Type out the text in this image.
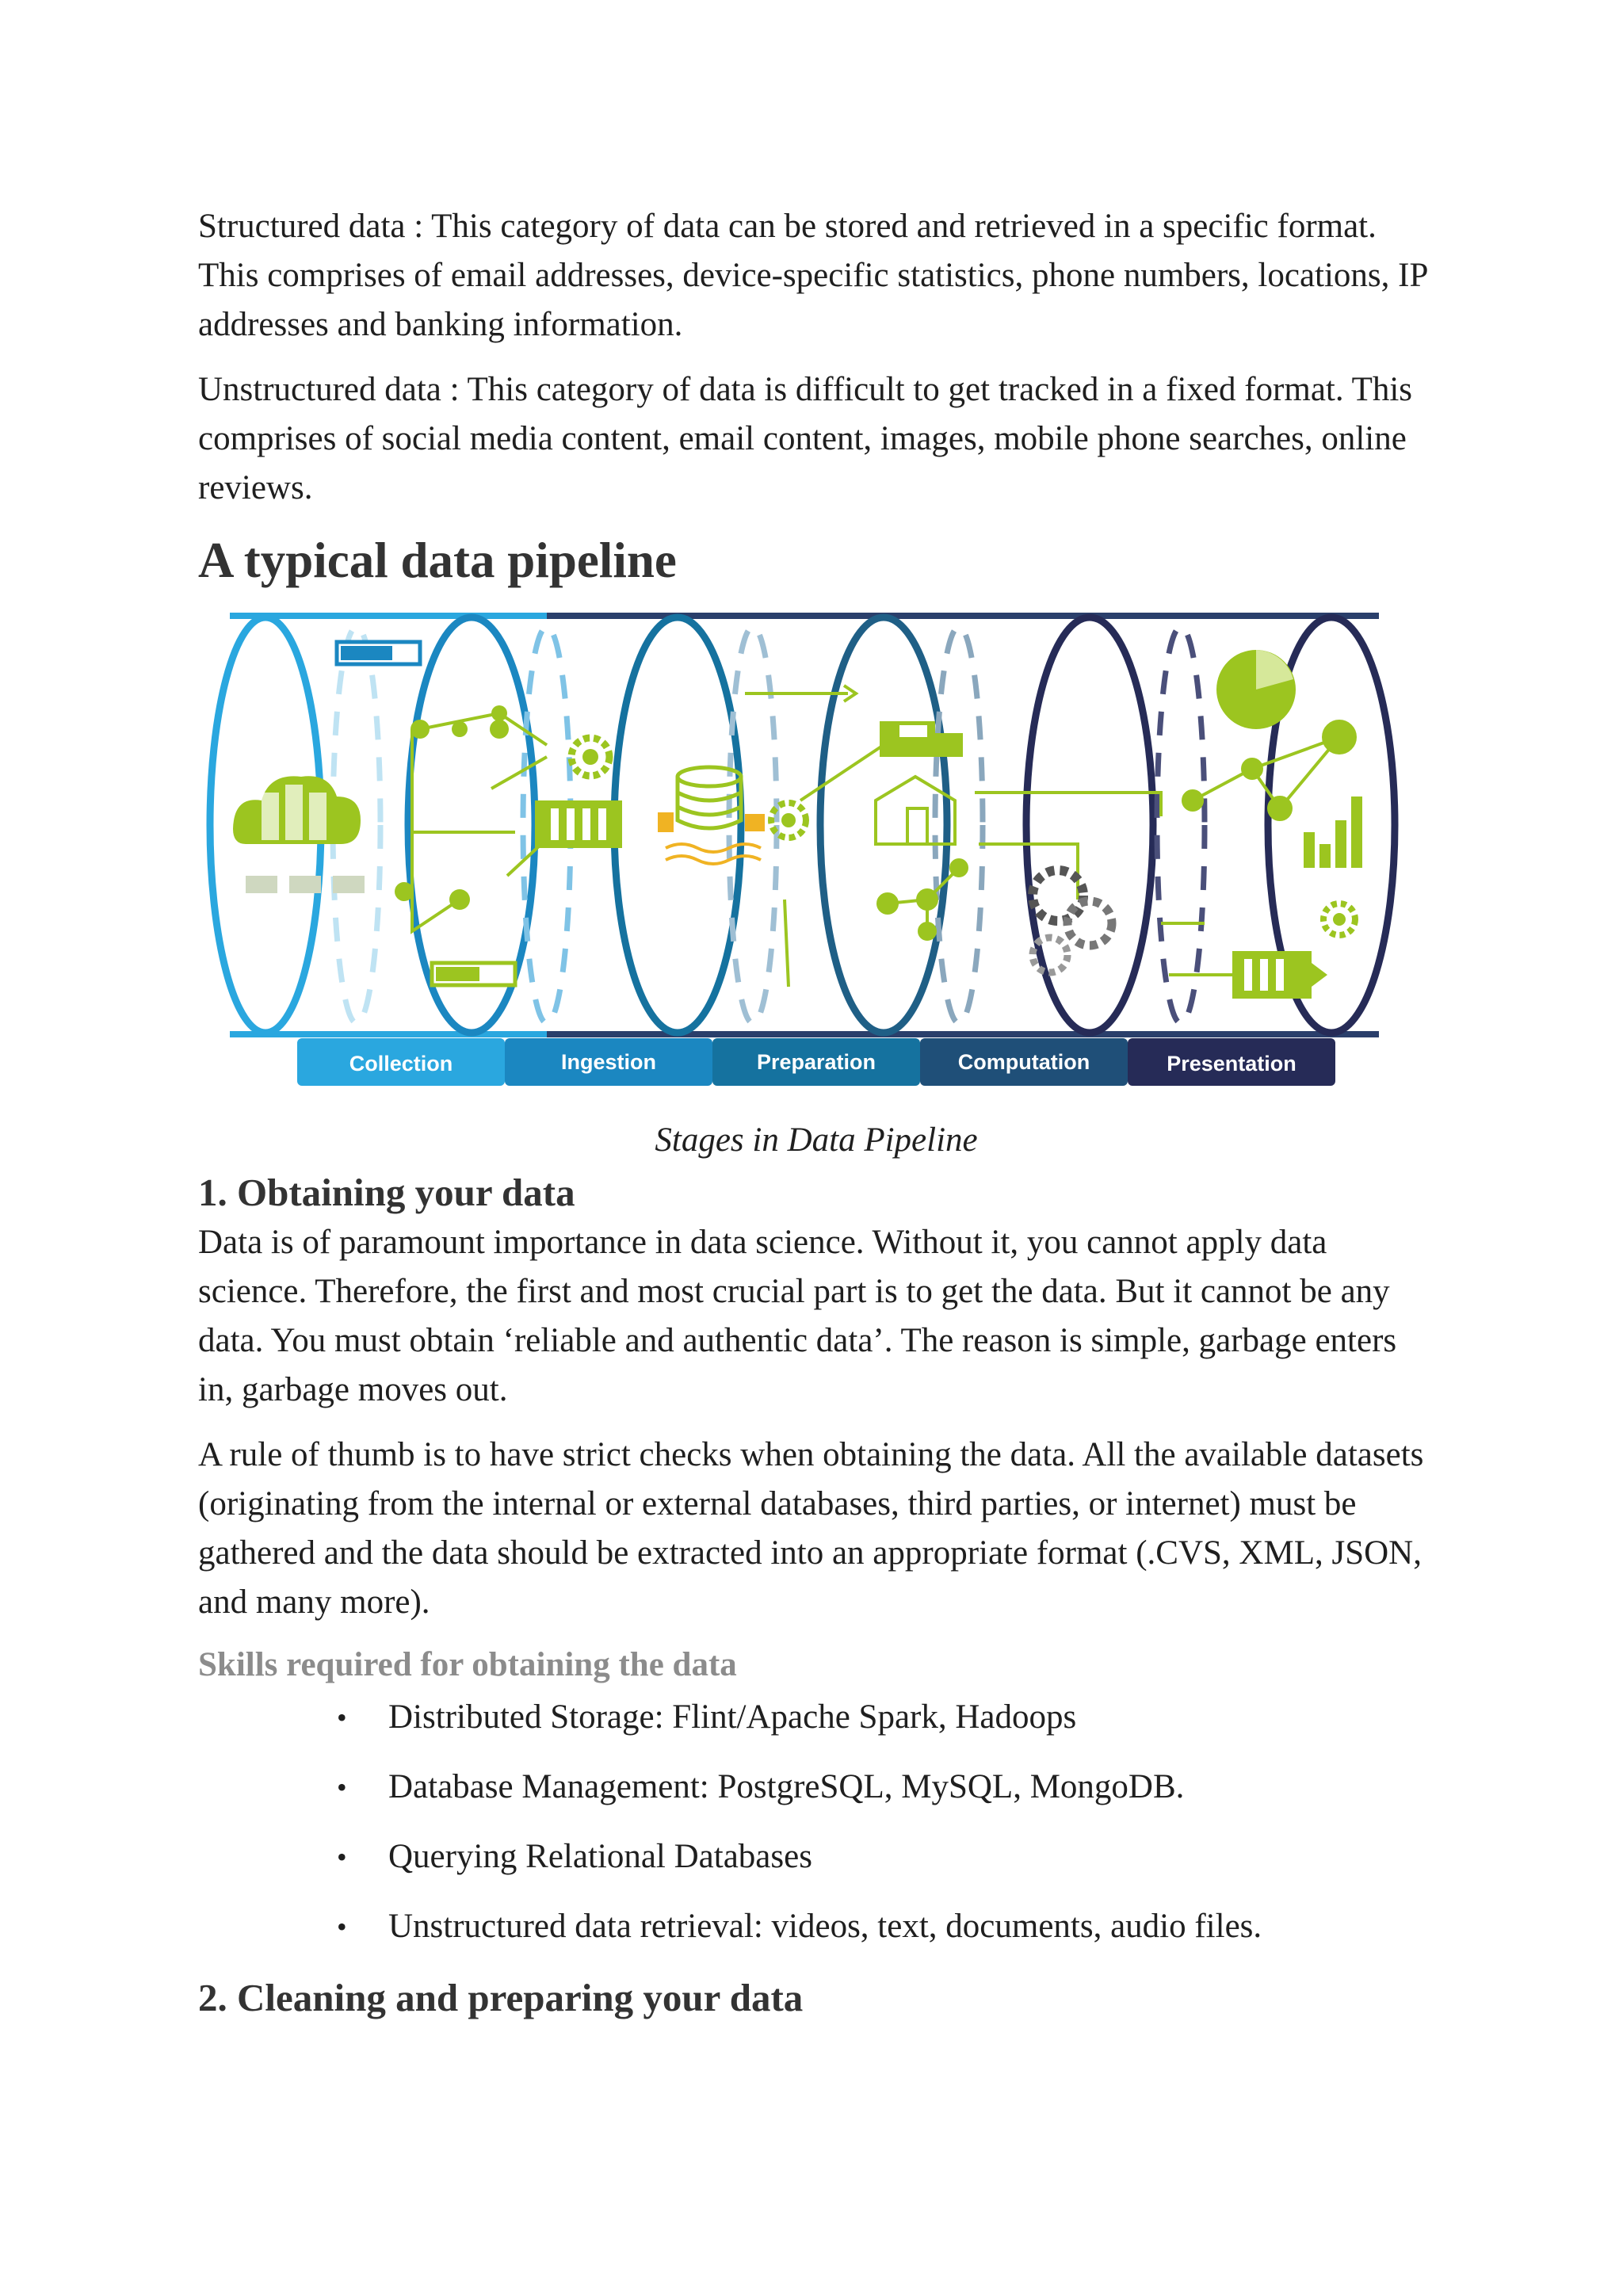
Structured data : This category of data can be stored and retrieved in a specific format. This comprises of email addresses, device-specific statistics, phone numbers, locations, IP addresses and banking information.

Unstructured data : This category of data is difficult to get tracked in a fixed format. This comprises of social media content, email content, images, mobile phone searches, online reviews.

A typical data pipeline
Collection	Ingestion	Preparation	Computation	Presentation

Stages in Data Pipeline

1. Obtaining your data

Data is of paramount importance in data science. Without it, you cannot apply data science. Therefore, the first and most crucial part is to get the data. But it cannot be any data. You must obtain ‘reliable and authentic data’. The reason is simple, garbage enters in, garbage moves out.

A rule of thumb is to have strict checks when obtaining the data. All the available datasets (originating from the internal or external databases, third parties, or internet) must be gathered and the data should be extracted into an appropriate format (.CVS, XML, JSON, and many more).

Skills required for obtaining the data
• Distributed Storage: Flint/Apache Spark, Hadoops
• Database Management: PostgreSQL, MySQL, MongoDB.
• Querying Relational Databases
• Unstructured data retrieval: videos, text, documents, audio files.
2. Cleaning and preparing your data
